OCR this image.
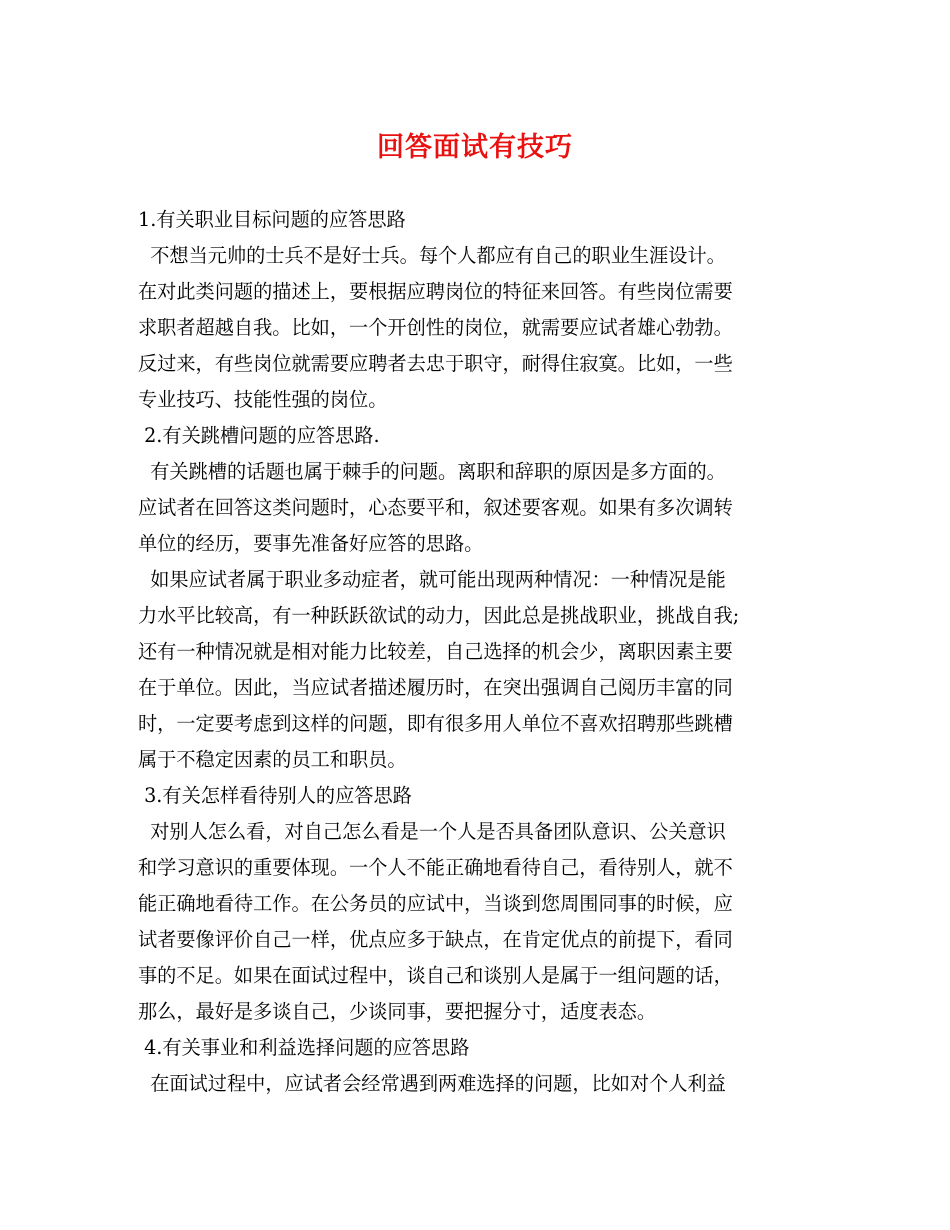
回答面试有技巧
1.有关职业目标问题的应答思路
不想当元帅的士兵不是好士兵。每个人都应有自己的职业生涯设计。
在对此类问题的描述上，要根据应聘岗位的特征来回答。有些岗位需要
求职者超越自我。比如，一个开创性的岗位，就需要应试者雄心勃勃。
反过来，有些岗位就需要应聘者去忠于职守，耐得住寂寞。比如，一些
专业技巧、技能性强的岗位。
2.有关跳槽问题的应答思路.
有关跳槽的话题也属于棘手的问题。离职和辞职的原因是多方面的。
应试者在回答这类问题时，心态要平和，叙述要客观。如果有多次调转
单位的经历，要事先准备好应答的思路。
如果应试者属于职业多动症者，就可能出现两种情况：一种情况是能
力水平比较高，有一种跃跃欲试的动力，因此总是挑战职业，挑战自我;
还有一种情况就是相对能力比较差，自己选择的机会少，离职因素主要
在于单位。因此，当应试者描述履历时，在突出强调自己阅历丰富的同
时，一定要考虑到这样的问题，即有很多用人单位不喜欢招聘那些跳槽
属于不稳定因素的员工和职员。
3.有关怎样看待别人的应答思路
对别人怎么看，对自己怎么看是一个人是否具备团队意识、公关意识
和学习意识的重要体现。一个人不能正确地看待自己，看待别人，就不
能正确地看待工作。在公务员的应试中，当谈到您周围同事的时候，应
试者要像评价自己一样，优点应多于缺点，在肯定优点的前提下，看同
事的不足。如果在面试过程中，谈自己和谈别人是属于一组问题的话，
那么，最好是多谈自己，少谈同事，要把握分寸，适度表态。
4.有关事业和利益选择问题的应答思路
在面试过程中，应试者会经常遇到两难选择的问题，比如对个人利益
